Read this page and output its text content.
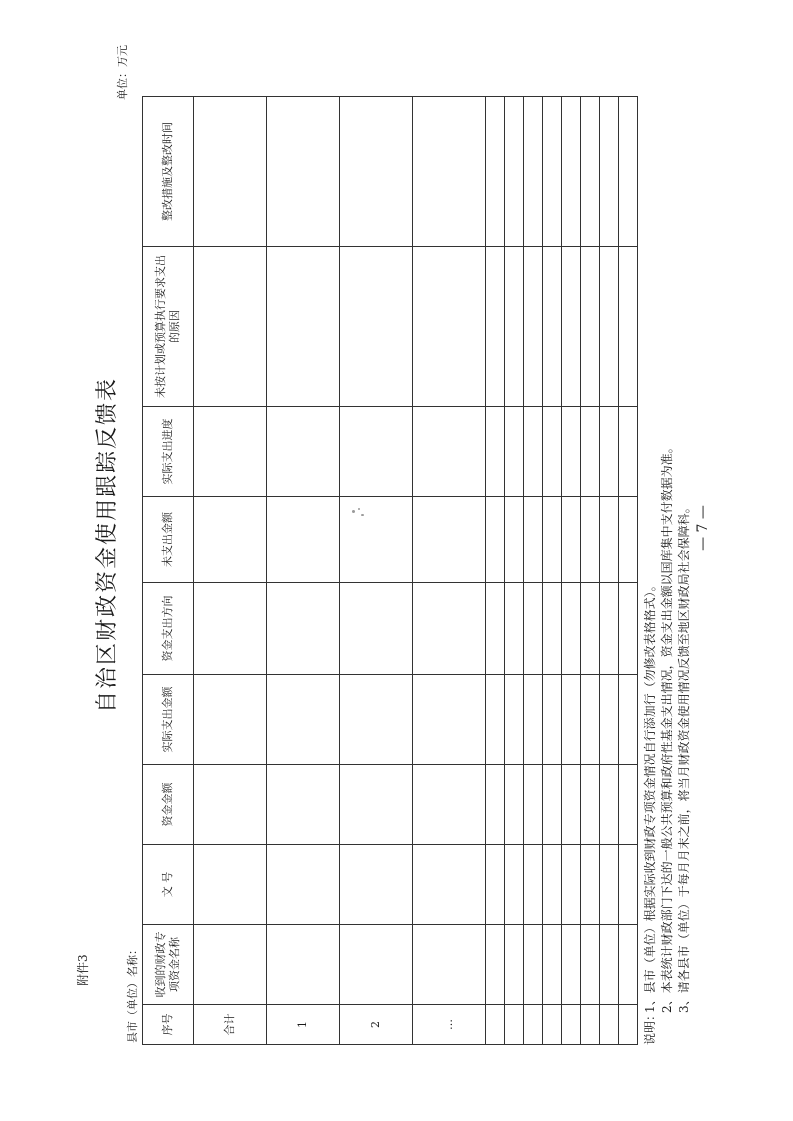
附件3
自治区财政资金使用跟踪反馈表
单位：万元
县市（单位）名称： 序号	收到的财政专项资金名称	文 号	资金金额	实际支出金额	资金支出方向	未支出金额	实际支出进度	未按计划或预算执行要求支出的原因	整改措施及整改时间
合计									
1									
2									
…									

										说明：
1、县市（单位）根据实际收到财政专项资金情况自行添加行（勿修改表格格式）。 2、本表统计财政部门下达的一般公共预算和政府性基金支出情况，资金支出金额以国库集中支付数据为准。 3、请各县市（单位）于每月月末之前，将当月财政资金使用情况反馈至地区财政局社会保障科。 — 7 —
